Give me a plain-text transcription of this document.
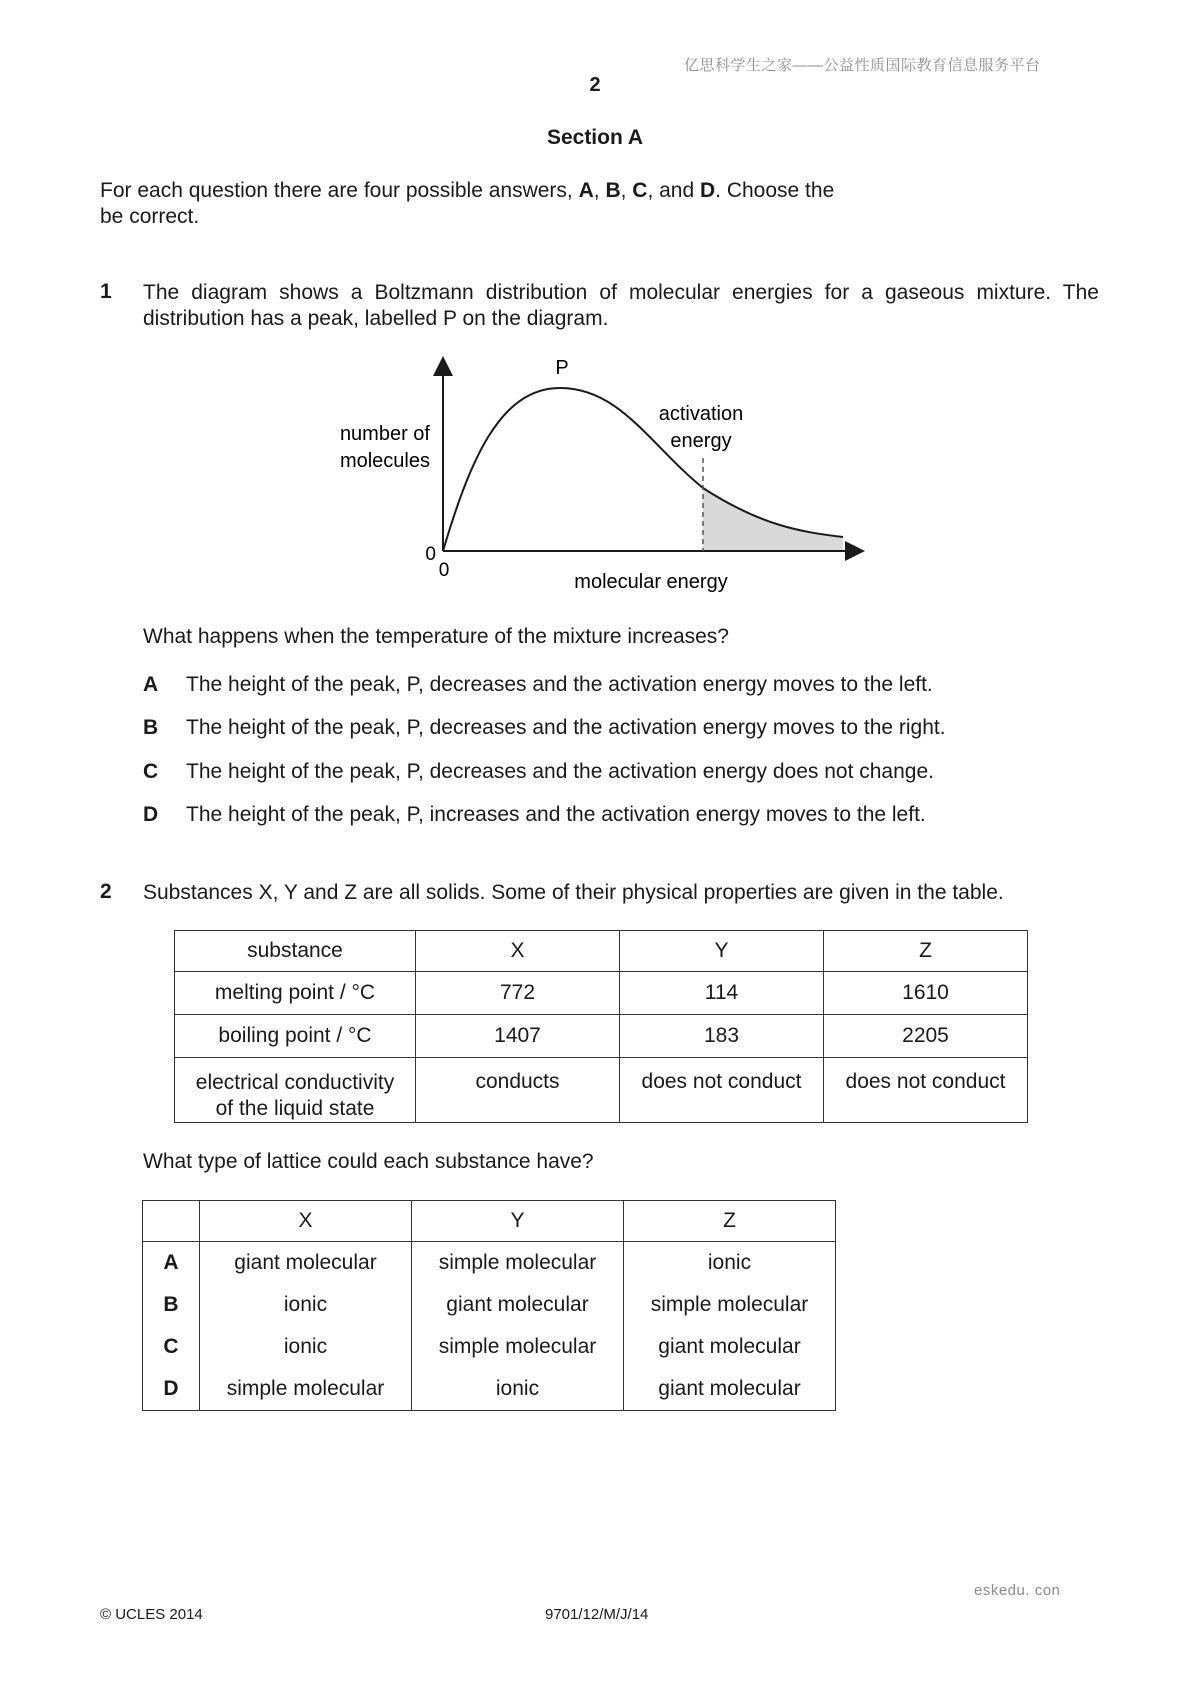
亿思科学生之家——公益性质国际教育信息服务平台
2
Section A
For each question there are four possible answers, A, B, C, and D. Choose the
be correct.
1 The diagram shows a Boltzmann distribution of molecular energies for a gaseous mixture. The distribution has a peak, labelled P on the diagram.
P
number of
molecules
activation
energy
0
0
molecular energy
What happens when the temperature of the mixture increases?
A The height of the peak, P, decreases and the activation energy moves to the left.
B The height of the peak, P, decreases and the activation energy moves to the right.
C The height of the peak, P, decreases and the activation energy does not change.
D The height of the peak, P, increases and the activation energy moves to the left.
2 Substances X, Y and Z are all solids. Some of their physical properties are given in the table.
substance	X	Y	Z
melting point / °C	772	114	1610
boiling point / °C	1407	183	2205
electrical conductivity
of the liquid state	conducts	does not conduct	does not conduct
What type of lattice could each substance have?
	X	Y	Z
A	giant molecular	simple molecular	ionic
B	ionic	giant molecular	simple molecular
C	ionic	simple molecular	giant molecular
D	simple molecular	ionic	giant molecular
eskedu. con
© UCLES 2014	9701/12/M/J/14
